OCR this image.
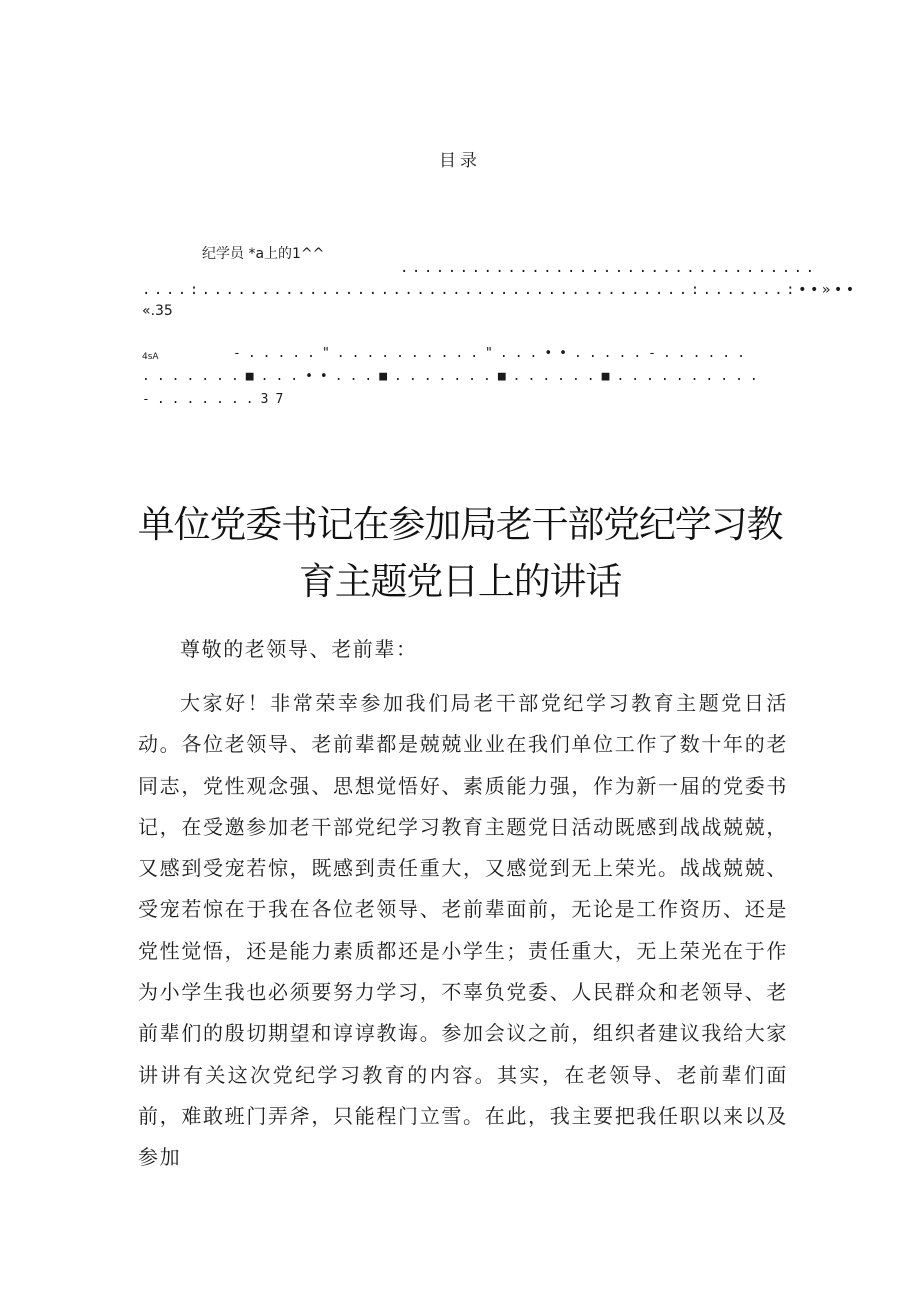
目录
纪学员 *a上的1^^
...................................
....:.........................................:.......:••»••
«.35
4sA	-.....".........."...••.....-......
.......■...••...■.......■......■..........
-.......37
单位党委书记在参加局老干部党纪学习教
育主题党日上的讲话
尊敬的老领导、老前辈：
大家好！非常荣幸参加我们局老干部党纪学习教育主题党日活动。各位老领导、老前辈都是兢兢业业在我们单位工作了数十年的老同志，党性观念强、思想觉悟好、素质能力强，作为新一届的党委书记，在受邀参加老干部党纪学习教育主题党日活动既感到战战兢兢，又感到受宠若惊，既感到责任重大，又感觉到无上荣光。战战兢兢、受宠若惊在于我在各位老领导、老前辈面前，无论是工作资历、还是党性觉悟，还是能力素质都还是小学生；责任重大，无上荣光在于作为小学生我也必须要努力学习，不辜负党委、人民群众和老领导、老前辈们的殷切期望和谆谆教诲。参加会议之前，组织者建议我给大家讲讲有关这次党纪学习教育的内容。其实，在老领导、老前辈们面前，难敢班门弄斧，只能程门立雪。在此，我主要把我任职以来以及参加
